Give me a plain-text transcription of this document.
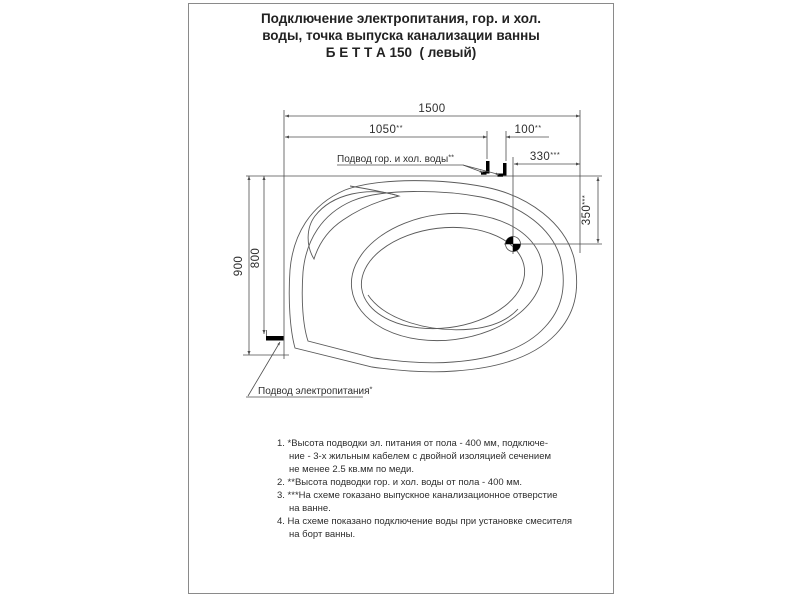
Подключение электропитания, гор. и хол.
воды, точка выпуска канализации ванны
Б Е Т Т А 150  ( левый)
1500
1050**	100**
330***
350***
900 800
Подвод гор. и хол. воды**
Подвод электропитания*
1. *Высота подводки эл. питания от пола - 400 мм, подключе-
ние - 3-х жильным кабелем с двойной изоляцией сечением
не менее 2.5 кв.мм по меди.
2. **Высота подводки гор. и хол. воды от пола - 400 мм.
3. ***На схеме гоказано выпускное канализационное отверстие
на ванне.
4. На схеме показано подключение воды при установке смесителя
на борт ванны.
